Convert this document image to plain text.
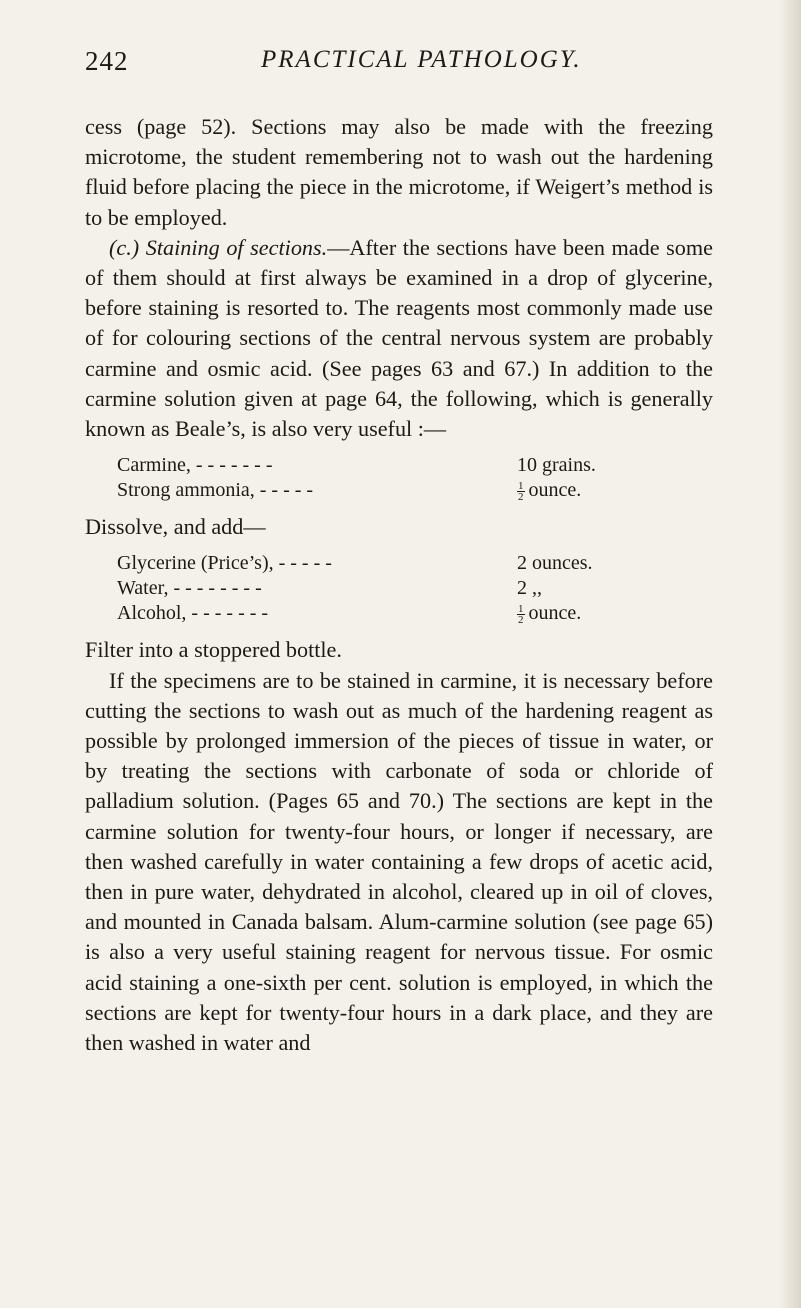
242	PRACTICAL PATHOLOGY.

cess (page 52). Sections may also be made with the freezing microtome, the student remembering not to wash out the hardening fluid before placing the piece in the microtome, if Weigert’s method is to be employed.

(c.) Staining of sections.—After the sections have been made some of them should at first always be examined in a drop of glycerine, before staining is resorted to. The reagents most commonly made use of for colouring sections of the central nervous system are probably carmine and osmic acid. (See pages 63 and 67.) In addition to the carmine solution given at page 64, the following, which is generally known as Beale’s, is also very useful :—

Carmine, - - - - - - -	10 grains.
Strong ammonia, - - - - -	$\frac{1}{2}$ ounce.

Dissolve, and add—

Glycerine (Price’s), - - - - -	2 ounces.
Water, - - - - - - - -	2 ,,
Alcohol, - - - - - - -	$\frac{1}{2}$ ounce.

Filter into a stoppered bottle.

If the specimens are to be stained in carmine, it is necessary before cutting the sections to wash out as much of the hardening reagent as possible by prolonged immersion of the pieces of tissue in water, or by treating the sections with carbonate of soda or chloride of palladium solution. (Pages 65 and 70.) The sections are kept in the carmine solution for twenty-four hours, or longer if necessary, are then washed carefully in water containing a few drops of acetic acid, then in pure water, dehydrated in alcohol, cleared up in oil of cloves, and mounted in Canada balsam. Alum-carmine solution (see page 65) is also a very useful staining reagent for nervous tissue. For osmic acid staining a one-sixth per cent. solution is employed, in which the sections are kept for twenty-four hours in a dark place, and they are then washed in water and
